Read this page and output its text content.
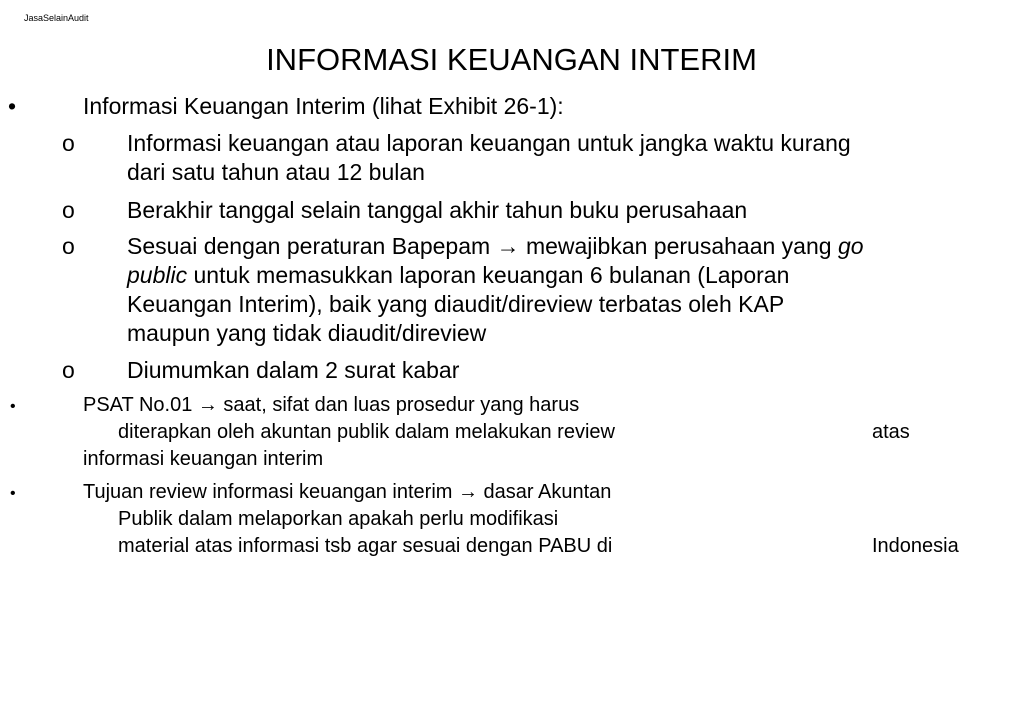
JasaSelainAudit
INFORMASI KEUANGAN INTERIM
•	Informasi Keuangan Interim (lihat Exhibit 26-1):
o Informasi keuangan atau laporan keuangan untuk jangka waktu kurang
dari satu tahun atau 12 bulan
o Berakhir tanggal selain tanggal akhir tahun buku perusahaan
o Sesuai dengan peraturan Bapepam → mewajibkan perusahaan yang go
public untuk memasukkan laporan keuangan 6 bulanan (Laporan
Keuangan Interim), baik yang diaudit/direview terbatas oleh KAP
maupun yang tidak diaudit/direview
o Diumumkan dalam 2 surat kabar
•	PSAT No.01 → saat, sifat dan luas prosedur yang harus
diterapkan oleh akuntan publik dalam melakukan review	atas
informasi keuangan interim
•	Tujuan review informasi keuangan interim → dasar Akuntan
Publik dalam melaporkan apakah perlu modifikasi
material atas informasi tsb agar sesuai dengan PABU di	Indonesia
